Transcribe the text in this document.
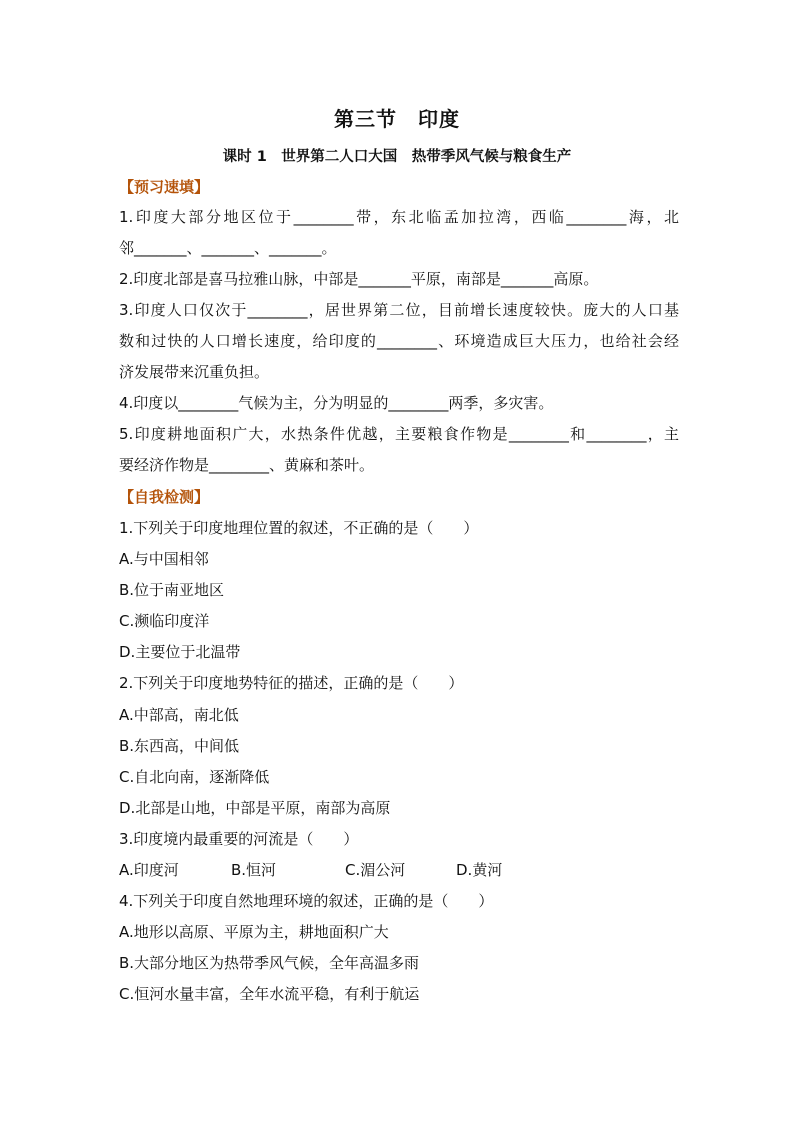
第三节　印度
课时 1　世界第二人口大国　热带季风气候与粮食生产
【预习速填】
1.印度大部分地区位于________带，东北临孟加拉湾，西临________海，北
邻_______、_______、_______。
2.印度北部是喜马拉雅山脉，中部是_______平原，南部是_______高原。
3.印度人口仅次于________，居世界第二位，目前增长速度较快。庞大的人口基
数和过快的人口增长速度，给印度的________、环境造成巨大压力，也给社会经
济发展带来沉重负担。
4.印度以________气候为主，分为明显的________两季，多灾害。
5.印度耕地面积广大，水热条件优越，主要粮食作物是________和________，主
要经济作物是________、黄麻和茶叶。
【自我检测】
1.下列关于印度地理位置的叙述，不正确的是（　　）
A.与中国相邻
B.位于南亚地区
C.濒临印度洋
D.主要位于北温带
2.下列关于印度地势特征的描述，正确的是（　　）
A.中部高，南北低
B.东西高，中间低
C.自北向南，逐渐降低
D.北部是山地，中部是平原，南部为高原
3.印度境内最重要的河流是（　　）
A.印度河	B.恒河	C.湄公河	D.黄河
4.下列关于印度自然地理环境的叙述，正确的是（　　）
A.地形以高原、平原为主，耕地面积广大
B.大部分地区为热带季风气候，全年高温多雨
C.恒河水量丰富，全年水流平稳，有利于航运
